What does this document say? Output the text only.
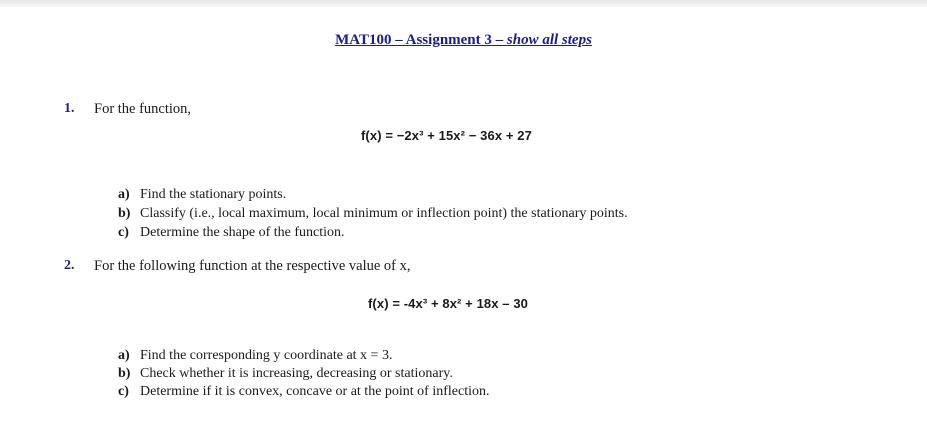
MAT100 – Assignment 3 – show all steps
1. For the function,
f(x) = −2x³ + 15x² − 36x + 27
a) Find the stationary points.
b) Classify (i.e., local maximum, local minimum or inflection point) the stationary points.
c) Determine the shape of the function.
2. For the following function at the respective value of x,
f(x) = -4x³ + 8x² + 18x – 30
a) Find the corresponding y coordinate at x = 3.
b) Check whether it is increasing, decreasing or stationary.
c) Determine if it is convex, concave or at the point of inflection.
